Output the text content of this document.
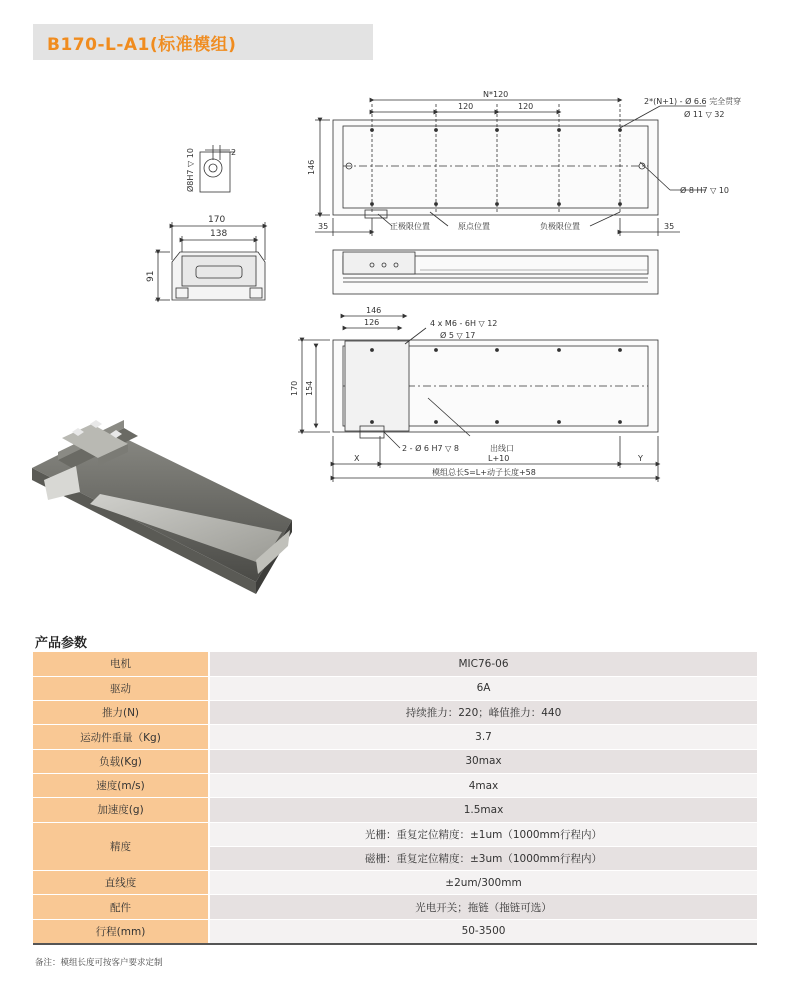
B170-L-A1(标准模组)
2
Ø8H7 ▽ 10
170
138
91
N*120
120	120
2*(N+1) - Ø 6.6 完全贯穿
Ø 11 ▽ 32
Ø 8 H7 ▽ 10
146
35	35
正极限位置	原点位置	负极限位置
146
126	4 x M6 - 6H ▽ 12
Ø 5 ▽ 17
170 154
2 - Ø 6 H7 ▽ 8	出线口
X	L+10	Y
模组总长S=L+动子长度+58
产品参数
电机	MIC76-06
驱动	6A
推力(N)	持续推力：220；峰值推力：440
运动件重量（Kg)	3.7
负载(Kg)	30max
速度(m/s)	4max
加速度(g)	1.5max
精度	光栅：重复定位精度：±1um（1000mm行程内）
	磁栅：重复定位精度：±3um（1000mm行程内）
直线度	±2um/300mm
配件	光电开关；拖链（拖链可选）
行程(mm)	50-3500
备注：模组长度可按客户要求定制
